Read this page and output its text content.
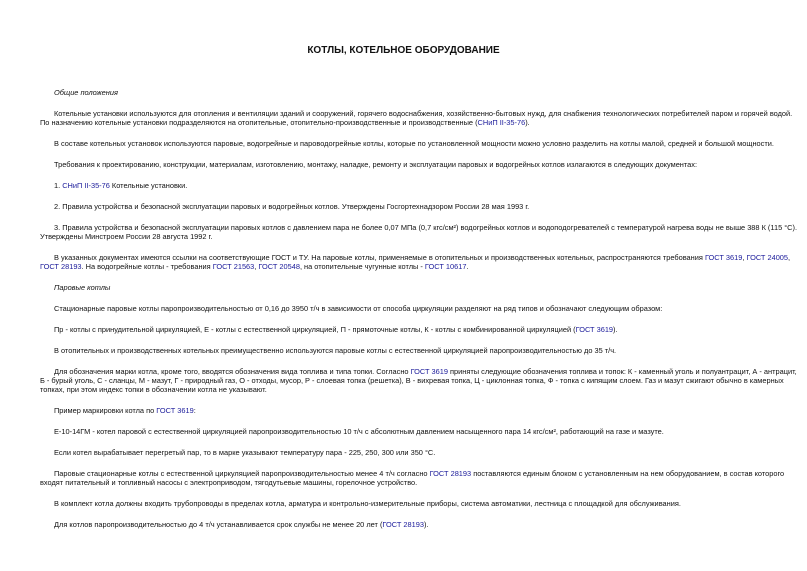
КОТЛЫ, КОТЕЛЬНОЕ ОБОРУДОВАНИЕ

Общие положения

Котельные установки используются для отопления и вентиляции зданий и сооружений, горячего водоснабжения, хозяйственно-бытовых нужд, для снабжения технологических потребителей паром и горячей водой. По назначению котельные установки подразделяются на отопительные, отопительно-производственные и производственные (СНиП II-35-76).

В составе котельных установок используются паровые, водогрейные и пароводогрейные котлы, которые по установленной мощности можно условно разделить на котлы малой, средней и большой мощности.

Требования к проектированию, конструкции, материалам, изготовлению, монтажу, наладке, ремонту и эксплуатации паровых и водогрейных котлов излагаются в следующих документах:

1. СНиП II-35-76 Котельные установки.

2. Правила устройства и безопасной эксплуатации паровых и водогрейных котлов. Утверждены Госгортехнадзором России 28 мая 1993 г.

3. Правила устройства и безопасной эксплуатации паровых котлов с давлением пара не более 0,07 МПа (0,7 кгс/см²) водогрейных котлов и водоподогревателей с температурой нагрева воды не выше 388 К (115 °С). Утверждены Минстроем России 28 августа 1992 г.

В указанных документах имеются ссылки на соответствующие ГОСТ и ТУ. На паровые котлы, применяемые в отопительных и производственных котельных, распространяются требования ГОСТ 3619, ГОСТ 24005, ГОСТ 28193. На водогрейные котлы - требования ГОСТ 21563, ГОСТ 20548, на отопительные чугунные котлы - ГОСТ 10617.

Паровые котлы

Стационарные паровые котлы паропроизводительностью от 0,16 до 3950 т/ч в зависимости от способа циркуляции разделяют на ряд типов и обозначают следующим образом:

Пр - котлы с принудительной циркуляцией, Е - котлы с естественной циркуляцией, П - прямоточные котлы, К - котлы с комбинированной циркуляцией (ГОСТ 3619).

В отопительных и производственных котельных преимущественно используются паровые котлы с естественной циркуляцией паропроизводительностью до 35 т/ч.

Для обозначения марки котла, кроме того, вводятся обозначения вида топлива и типа топки. Согласно ГОСТ 3619 приняты следующие обозначения топлива и топок: К - каменный уголь и полуантрацит, А - антрацит, Б - бурый уголь, С - сланцы, М - мазут, Г - природный газ, О - отходы, мусор, Р - слоевая топка (решетка), В - вихревая топка, Ц - циклонная топка, Ф - топка с кипящим слоем. Газ и мазут сжигают обычно в камерных топках, при этом индекс топки в обозначении котла не указывают.

Пример маркировки котла по ГОСТ 3619:

Е-10-14ГМ - котел паровой с естественной циркуляцией паропроизводительностью 10 т/ч с абсолютным давлением насыщенного пара 14 кгс/см², работающий на газе и мазуте.

Если котел вырабатывает перегретый пар, то в марке указывают температуру пара - 225, 250, 300 или 350 °С.

Паровые стационарные котлы с естественной циркуляцией паропроизводительностью менее 4 т/ч согласно ГОСТ 28193 поставляются единым блоком с установленным на нем оборудованием, в состав которого входят питательный и топливный насосы с электроприводом, тягодутьевые машины, горелочное устройство.

В комплект котла должны входить трубопроводы в пределах котла, арматура и контрольно-измерительные приборы, система автоматики, лестница с площадкой для обслуживания.

Для котлов паропроизводительностью до 4 т/ч устанавливается срок службы не менее 20 лет (ГОСТ 28193).
